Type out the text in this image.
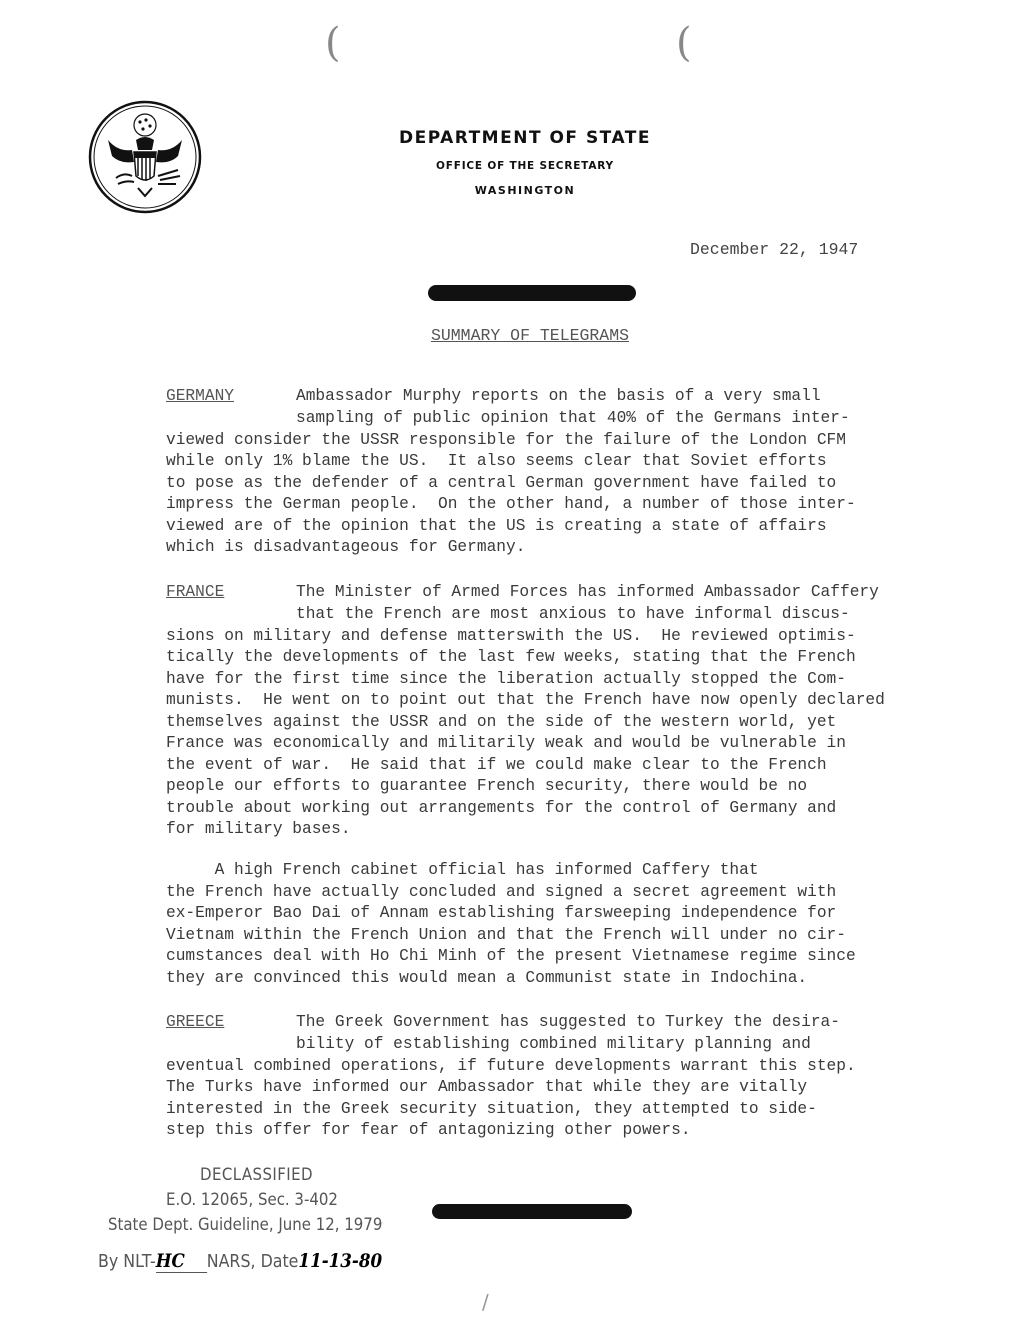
(	(
DEPARTMENT OF STATE
OFFICE OF THE SECRETARY
WASHINGTON
December 22, 1947
SUMMARY OF TELEGRAMS
GERMANY	Ambassador Murphy reports on the basis of a very small
sampling of public opinion that 40% of the Germans inter-
viewed consider the USSR responsible for the failure of the London CFM
while only 1% blame the US.  It also seems clear that Soviet efforts
to pose as the defender of a central German government have failed to
impress the German people.  On the other hand, a number of those inter-
viewed are of the opinion that the US is creating a state of affairs
which is disadvantageous for Germany.
FRANCE	The Minister of Armed Forces has informed Ambassador Caffery
that the French are most anxious to have informal discus-
sions on military and defense matterswith the US.  He reviewed optimis-
tically the developments of the last few weeks, stating that the French
have for the first time since the liberation actually stopped the Com-
munists.  He went on to point out that the French have now openly declared
themselves against the USSR and on the side of the western world, yet
France was economically and militarily weak and would be vulnerable in
the event of war.  He said that if we could make clear to the French
people our efforts to guarantee French security, there would be no
trouble about working out arrangements for the control of Germany and
for military bases.
A high French cabinet official has informed Caffery that
the French have actually concluded and signed a secret agreement with
ex-Emperor Bao Dai of Annam establishing farsweeping independence for
Vietnam within the French Union and that the French will under no cir-
cumstances deal with Ho Chi Minh of the present Vietnamese regime since
they are convinced this would mean a Communist state in Indochina.
GREECE	The Greek Government has suggested to Turkey the desira-
bility of establishing combined military planning and
eventual combined operations, if future developments warrant this step.
The Turks have informed our Ambassador that while they are vitally
interested in the Greek security situation, they attempted to side-
step this offer for fear of antagonizing other powers.
DECLASSIFIED
E.O. 12065, Sec. 3-402
State Dept. Guideline, June 12, 1979
By NLT-HC NARS, Date11-13-80
/
